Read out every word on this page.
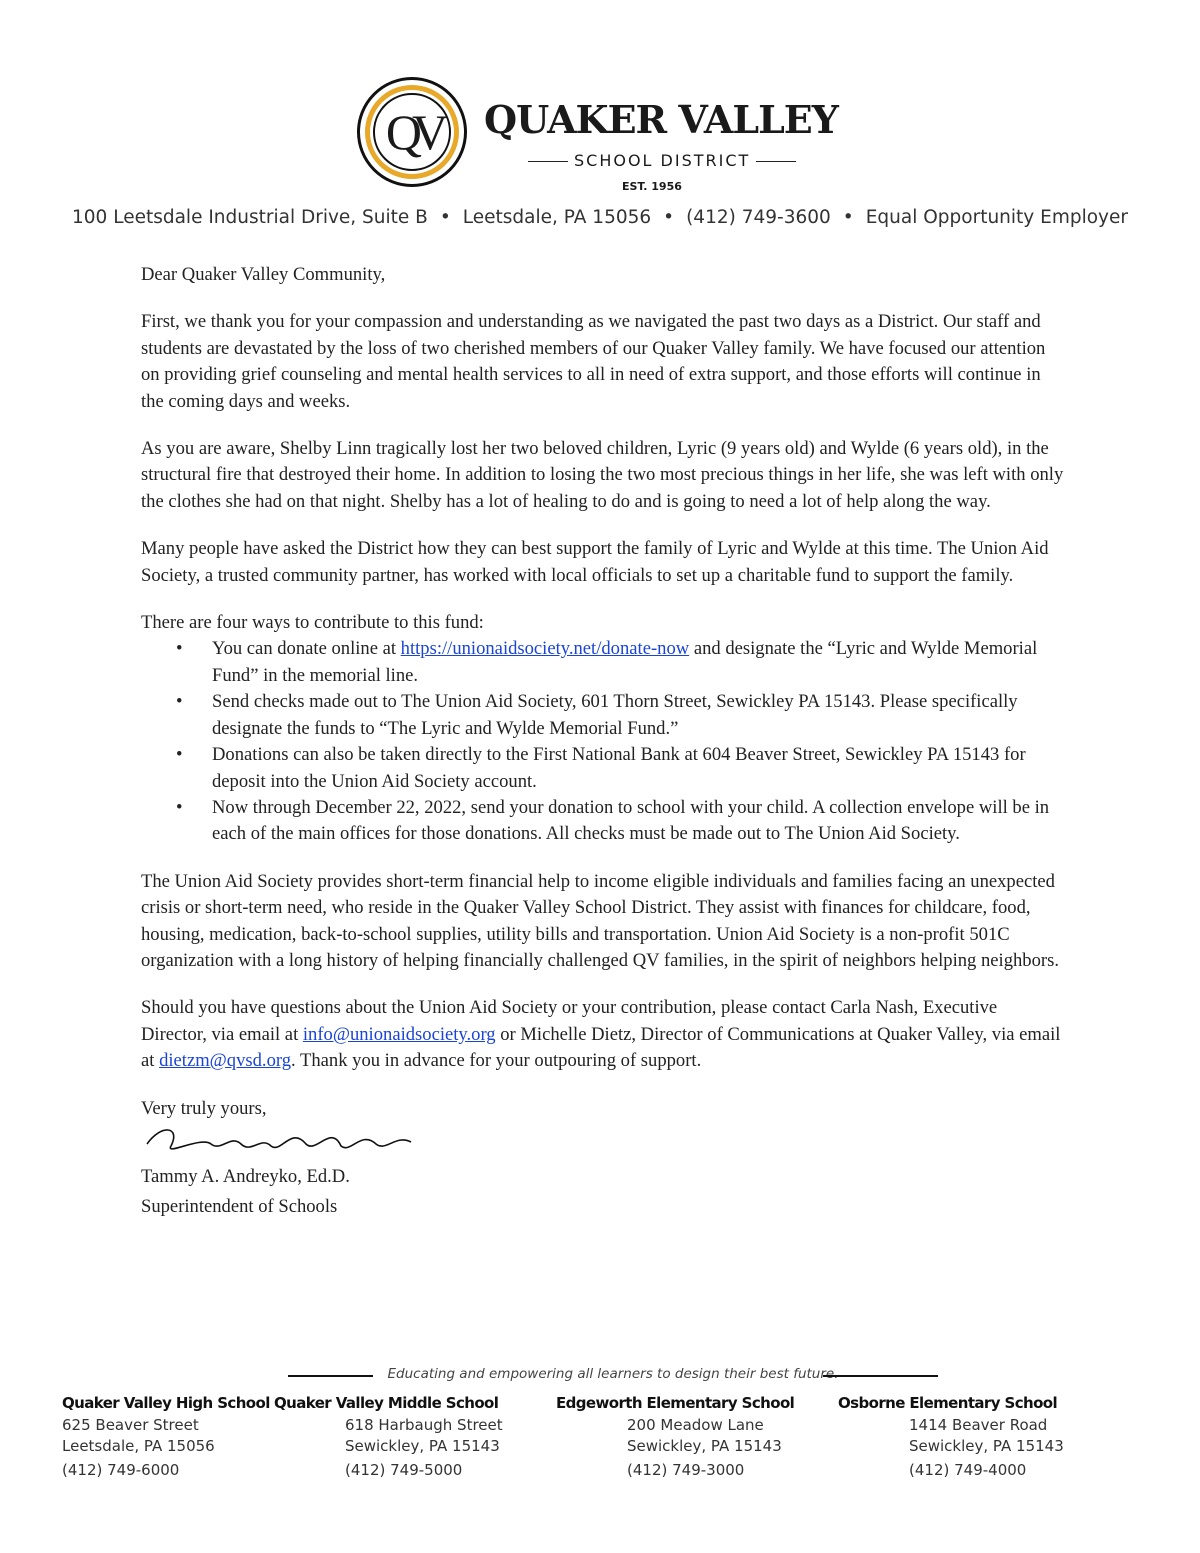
QV	QUAKER VALLEY
SCHOOL DISTRICT
EST. 1956
100 Leetsdale Industrial Drive, Suite B • Leetsdale, PA 15056 • (412) 749-3600 • Equal Opportunity Employer

Dear Quaker Valley Community,

First, we thank you for your compassion and understanding as we navigated the past two days as a District. Our staff and students are devastated by the loss of two cherished members of our Quaker Valley family. We have focused our attention on providing grief counseling and mental health services to all in need of extra support, and those efforts will continue in the coming days and weeks.

As you are aware, Shelby Linn tragically lost her two beloved children, Lyric (9 years old) and Wylde (6 years old), in the structural fire that destroyed their home. In addition to losing the two most precious things in her life, she was left with only the clothes she had on that night. Shelby has a lot of healing to do and is going to need a lot of help along the way.

Many people have asked the District how they can best support the family of Lyric and Wylde at this time. The Union Aid Society, a trusted community partner, has worked with local officials to set up a charitable fund to support the family.

There are four ways to contribute to this fund:
• You can donate online at https://unionaidsociety.net/donate-now and designate the “Lyric and Wylde Memorial Fund” in the memorial line.
• Send checks made out to The Union Aid Society, 601 Thorn Street, Sewickley PA 15143. Please specifically designate the funds to “The Lyric and Wylde Memorial Fund.”
• Donations can also be taken directly to the First National Bank at 604 Beaver Street, Sewickley PA 15143 for deposit into the Union Aid Society account.
• Now through December 22, 2022, send your donation to school with your child. A collection envelope will be in each of the main offices for those donations. All checks must be made out to The Union Aid Society.

The Union Aid Society provides short-term financial help to income eligible individuals and families facing an unexpected crisis or short-term need, who reside in the Quaker Valley School District. They assist with finances for childcare, food, housing, medication, back-to-school supplies, utility bills and transportation. Union Aid Society is a non-profit 501C organization with a long history of helping financially challenged QV families, in the spirit of neighbors helping neighbors.

Should you have questions about the Union Aid Society or your contribution, please contact Carla Nash, Executive Director, via email at info@unionaidsociety.org or Michelle Dietz, Director of Communications at Quaker Valley, via email at dietzm@qvsd.org. Thank you in advance for your outpouring of support.

Very truly yours,
Tammy A. Andreyko, Ed.D.
Superintendent of Schools
Educating and empowering all learners to design their best future.
Quaker Valley High School
625 Beaver Street
Leetsdale, PA 15056
(412) 749-6000
Quaker Valley Middle School
618 Harbaugh Street
Sewickley, PA 15143
(412) 749-5000
Edgeworth Elementary School
200 Meadow Lane
Sewickley, PA 15143
(412) 749-3000
Osborne Elementary School
1414 Beaver Road
Sewickley, PA 15143
(412) 749-4000
